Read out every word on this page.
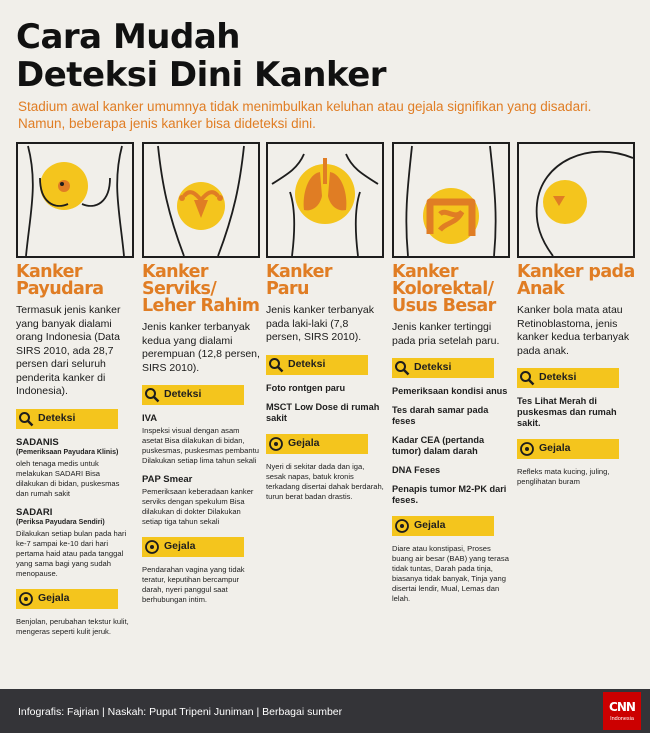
Cara Mudah
Deteksi Dini Kanker
Stadium awal kanker umumnya tidak menimbulkan keluhan atau gejala signifikan yang disadari. Namun, beberapa jenis kanker bisa dideteksi dini.
Kanker
Payudara
Termasuk jenis kanker yang banyak dialami orang Indonesia (Data SIRS 2010, ada 28,7 persen dari seluruh penderita kanker di Indonesia).
Deteksi
SADANIS
(Pemeriksaan Payudara Klinis)
oleh tenaga medis untuk melakukan SADARI Bisa dilakukan di bidan, puskesmas dan rumah sakit
SADARI
(Periksa Payudara Sendiri)
Dilakukan setiap bulan pada hari ke-7 sampai ke-10 dari hari pertama haid atau pada tanggal yang sama bagi yang sudah menopause.
Gejala
Benjolan, perubahan tekstur kulit, mengeras seperti kulit jeruk.
Kanker
Serviks/
Leher Rahim
Jenis kanker terbanyak kedua yang dialami perempuan (12,8 persen, SIRS 2010).
Deteksi
IVA
Inspeksi visual dengan asam asetat Bisa dilakukan di bidan, puskesmas, puskesmas pembantu Dilakukan setiap lima tahun sekali
PAP Smear
Pemeriksaan keberadaan kanker serviks dengan spekulum Bisa dilakukan di dokter Dilakukan setiap tiga tahun sekali
Gejala
Pendarahan vagina yang tidak teratur, keputihan bercampur darah, nyeri panggul saat berhubungan intim.
Kanker
Paru
Jenis kanker terbanyak pada laki-laki (7,8 persen, SIRS 2010).
Deteksi
Foto rontgen paru
MSCT Low Dose di rumah sakit
Gejala
Nyeri di sekitar dada dan iga, sesak napas, batuk kronis terkadang disertai dahak berdarah, turun berat badan drastis.
Kanker
Kolorektal/
Usus Besar
Jenis kanker tertinggi pada pria setelah paru.
Deteksi
Pemeriksaan kondisi anus
Tes darah samar pada feses
Kadar CEA (pertanda tumor) dalam darah
DNA Feses
Penapis tumor M2-PK dari feses.
Gejala
Diare atau konstipasi, Proses buang air besar (BAB) yang terasa tidak tuntas, Darah pada tinja, biasanya tidak banyak, Tinja yang disertai lendir, Mual, Lemas dan lelah.
Kanker pada
Anak
Kanker bola mata atau Retinoblastoma, jenis kanker kedua terbanyak pada anak.
Deteksi
Tes Lihat Merah di puskesmas dan rumah sakit.
Gejala
Refleks mata kucing, juling, penglihatan buram
Infografis: Fajrian | Naskah: Puput Tripeni Juniman | Berbagai sumber	CNN
Indonesia
